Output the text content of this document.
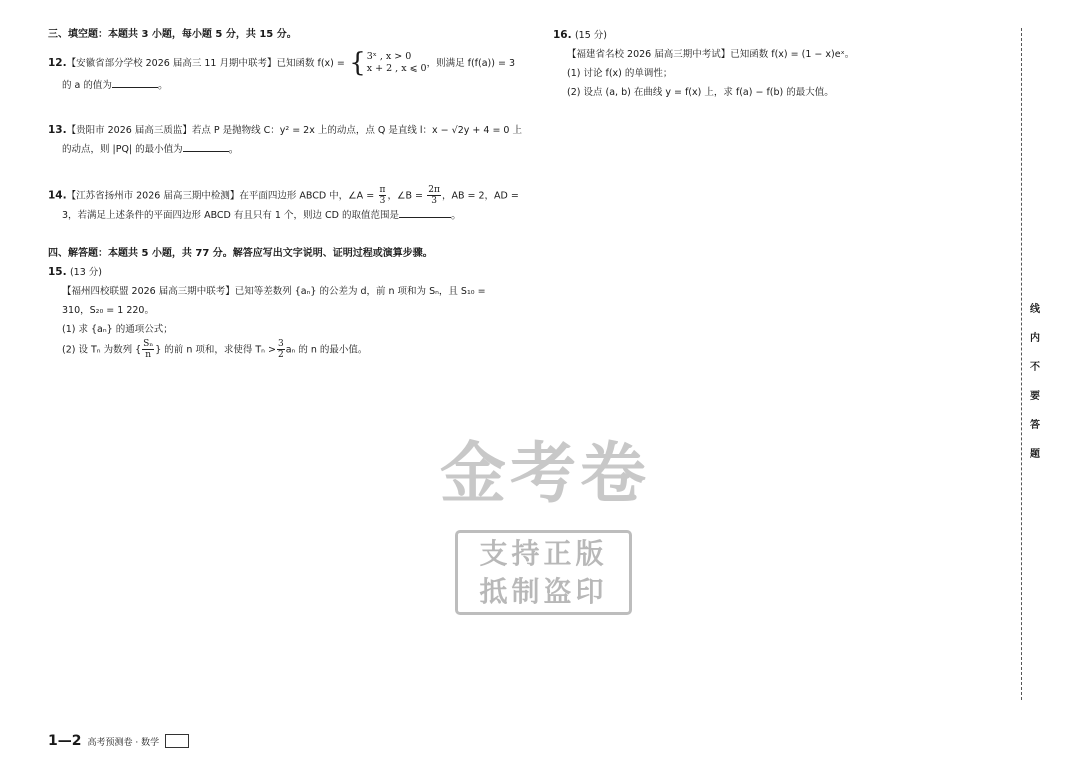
三、填空题：本题共 3 小题，每小题 5 分，共 15 分。
12.【安徽省部分学校 2026 届高三 11 月期中联考】已知函数 f(x) = { 3ˣ , x > 0
x + 2 , x ⩽ 0 ，则满足 f(f(a)) = 3
的 a 的值为	。
13.【贵阳市 2026 届高三质监】若点 P 是抛物线 C：y² = 2x 上的动点，点 Q 是直线 l：x − √2y + 4 = 0 上
的动点，则 |PQ| 的最小值为	。
14.【江苏省扬州市 2026 届高三期中检测】在平面四边形 ABCD 中，∠A = $\frac{\pi}{3}$ ，∠B = $\frac{2\pi}{3}$ ，AB = 2，AD =
3，若满足上述条件的平面四边形 ABCD 有且只有 1 个，则边 CD 的取值范围是	。
四、解答题：本题共 5 小题，共 77 分。解答应写出文字说明、证明过程或演算步骤。
15. (13 分)
【福州四校联盟 2026 届高三期中联考】已知等差数列 {aₙ} 的公差为 d，前 n 项和为 Sₙ，且 S₁₀ =
310，S₂₀ = 1 220。
(1) 求 {aₙ} 的通项公式；
(2) 设 Tₙ 为数列 { $\frac{\text{Sₙ}}{n}$ } 的前 n 项和，求使得 $T_n > \frac{3}{2}$ aₙ 的 n 的最小值。
16. (15 分)
【福建省名校 2026 届高三期中考试】已知函数 f(x) = (1 − x)eˣ。
(1) 讨论 f(x) 的单调性；
(2) 设点 (a, b) 在曲线 y = f(x) 上，求 f(a) − f(b) 的最大值。
金考卷
支持正版
抵制盗印
线
内
不
要
答
题
1—2 高考预测卷 · 数学
